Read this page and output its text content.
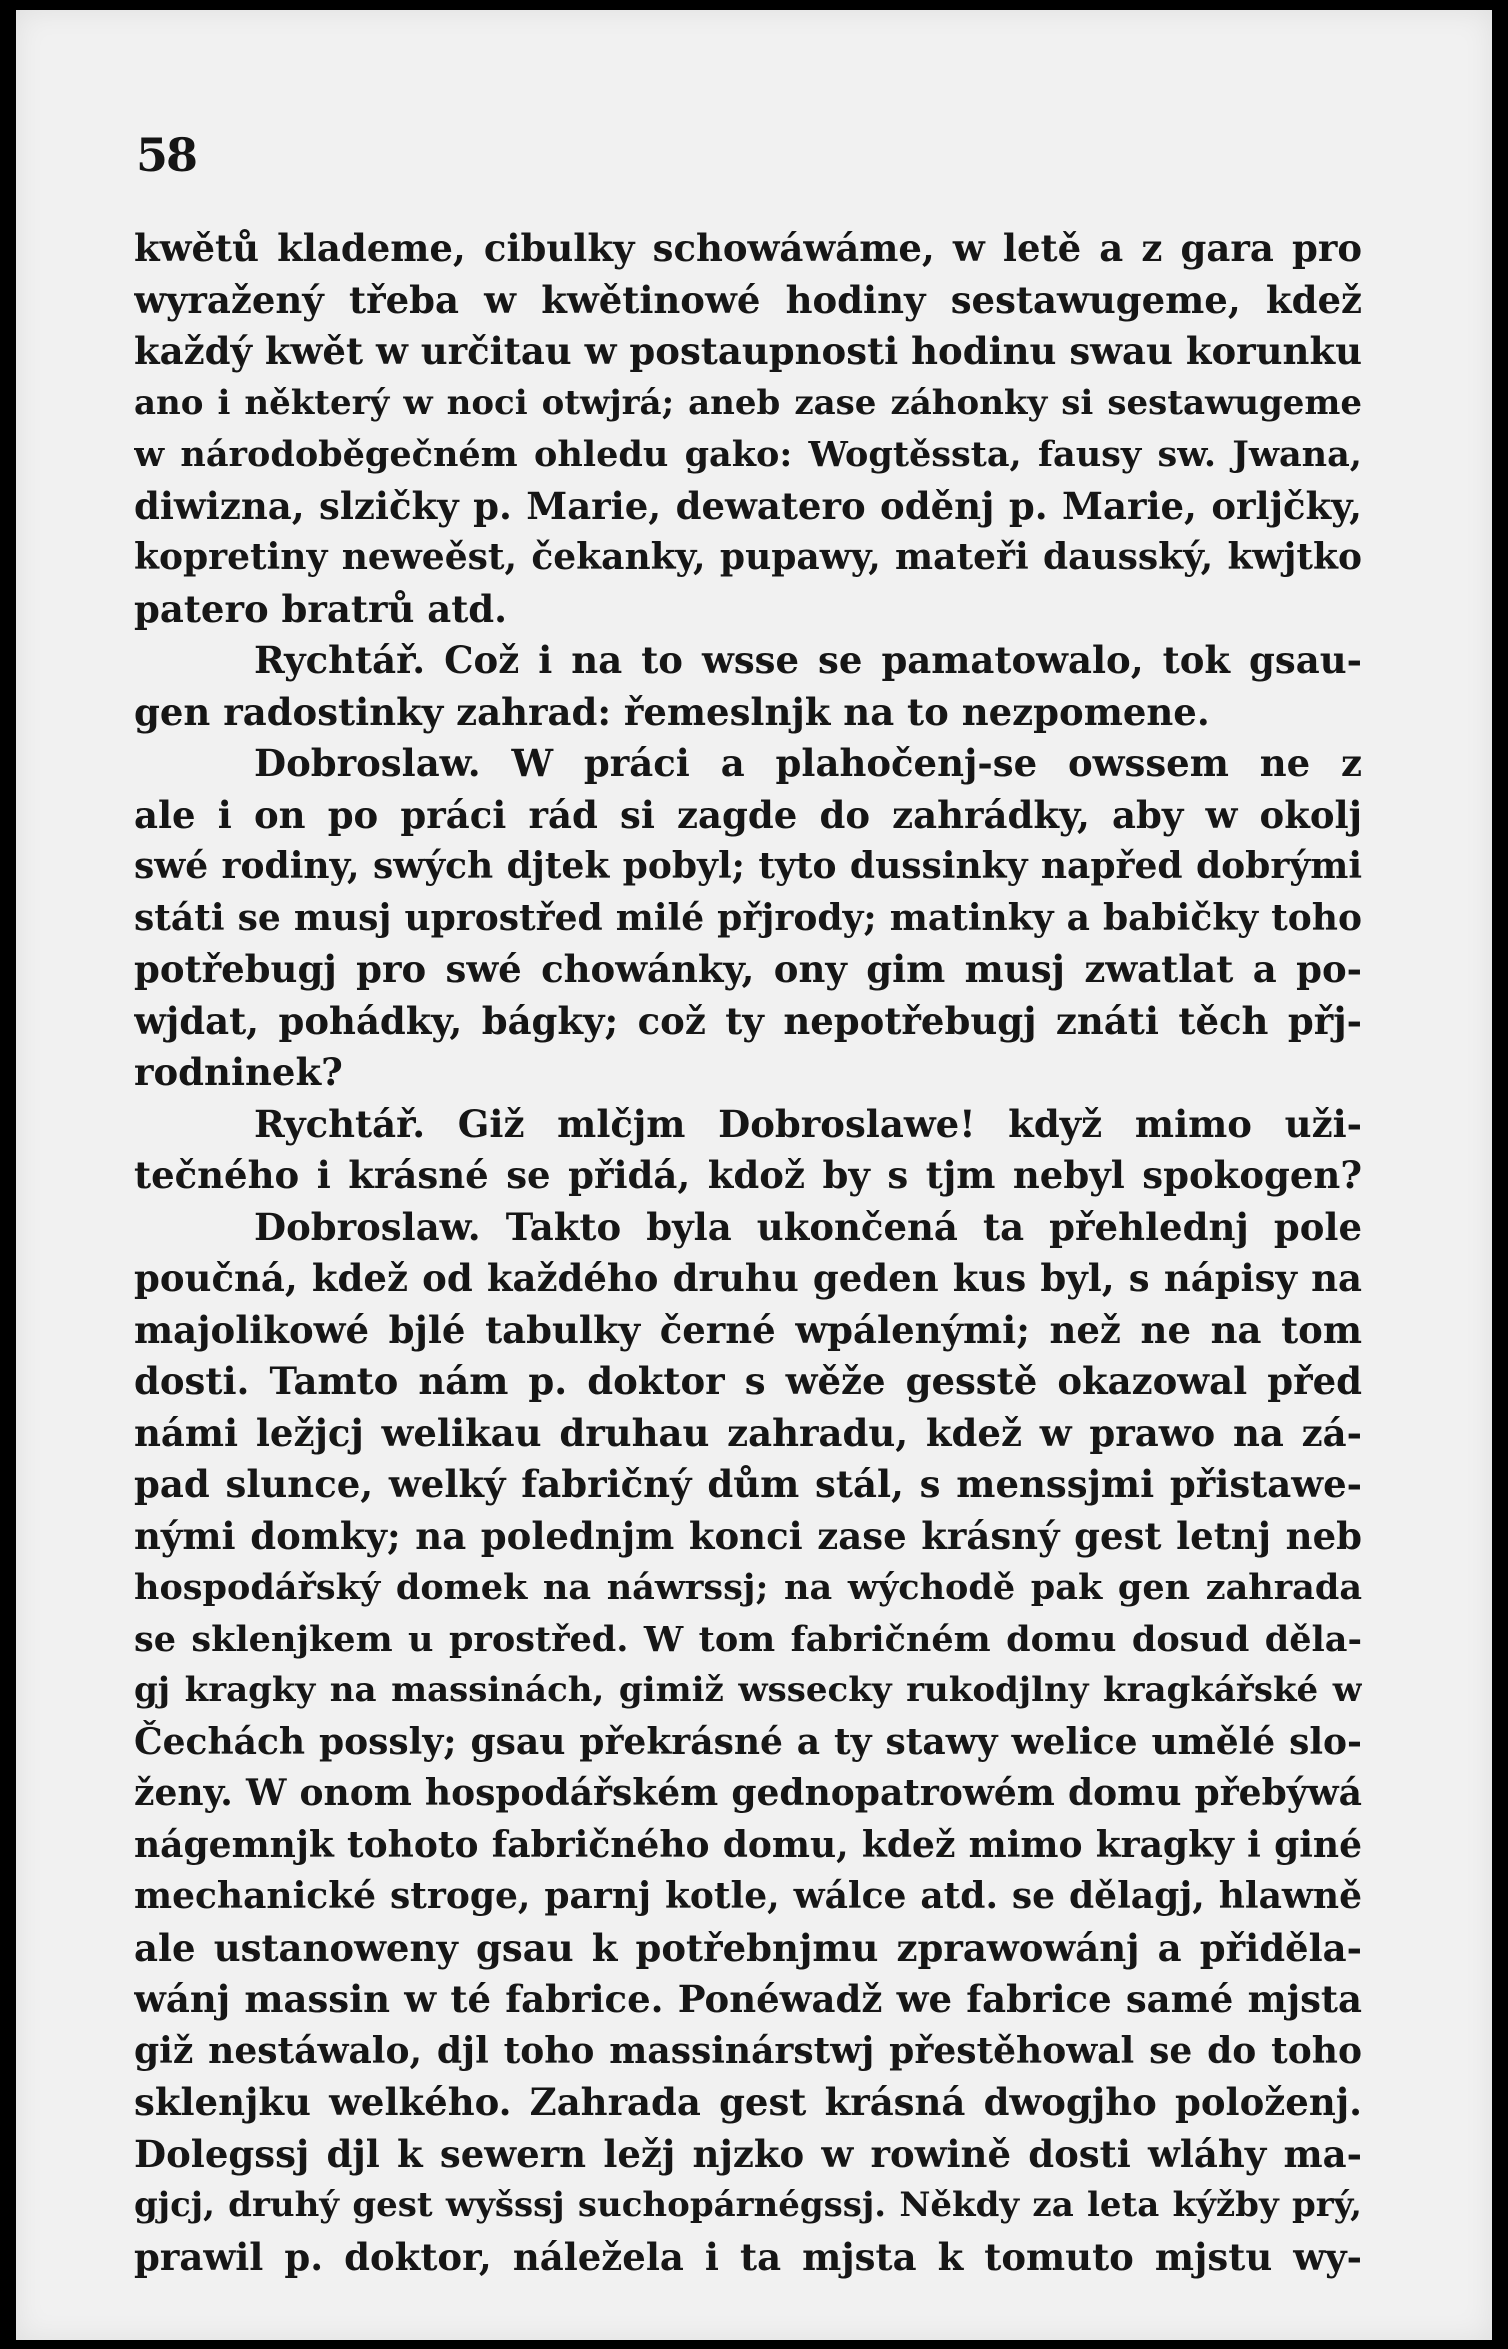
58
kwětů klademe, cibulky schowáwáme, w letě a z gara pro
wyražený třeba w kwětinowé hodiny sestawugeme, kdež
každý kwět w určitau w postaupnosti hodinu swau korunku
ano i některý w noci otwjrá; aneb zase záhonky si sestawugeme
w národoběgečném ohledu gako: Wogtěssta, fausy sw. Jwana,
diwizna, slzičky p. Marie, dewatero oděnj p. Marie, orljčky,
kopretiny neweěst, čekanky, pupawy, mateři dausský, kwjtko
patero bratrů atd.
Rychtář. Což i na to wsse se pamatowalo, tok gsau-
gen radostinky zahrad: řemeslnjk na to nezpomene.
Dobroslaw. W práci a plahočenj-se owssem ne z
ale i on po práci rád si zagde do zahrádky, aby w okolj
swé rodiny, swých djtek pobyl; tyto dussinky napřed dobrými
státi se musj uprostřed milé přjrody; matinky a babičky toho
potřebugj pro swé chowánky, ony gim musj zwatlat a po-
wjdat, pohádky, bágky; což ty nepotřebugj znáti těch přj-
rodninek?
Rychtář. Giž mlčjm Dobroslawe! když mimo uži-
tečného i krásné se přidá, kdož by s tjm nebyl spokogen?
Dobroslaw. Takto byla ukončená ta přehlednj pole
poučná, kdež od každého druhu geden kus byl, s nápisy na
majolikowé bjlé tabulky černé wpálenými; než ne na tom
dosti. Tamto nám p. doktor s wěže gesstě okazowal před
námi ležjcj welikau druhau zahradu, kdež w prawo na zá-
pad slunce, welký fabričný dům stál, s menssjmi přistawe-
nými domky; na polednjm konci zase krásný gest letnj neb
hospodářský domek na náwrssj; na wýchodě pak gen zahrada
se sklenjkem u prostřed. W tom fabričném domu dosud děla-
gj kragky na massinách, gimiž wssecky rukodjlny kragkářské w
Čechách possly; gsau překrásné a ty stawy welice umělé slo-
ženy. W onom hospodářském gednopatrowém domu přebýwá
nágemnjk tohoto fabričného domu, kdež mimo kragky i giné
mechanické stroge, parnj kotle, wálce atd. se dělagj, hlawně
ale ustanoweny gsau k potřebnjmu zprawowánj a přiděla-
wánj massin w té fabrice. Ponéwadž we fabrice samé mjsta
giž nestáwalo, djl toho massinárstwj přestěhowal se do toho
sklenjku welkého. Zahrada gest krásná dwogjho položenj.
Dolegssj djl k sewern ležj njzko w rowině dosti wláhy ma-
gjcj, druhý gest wyšssj suchopárnégssj. Někdy za leta kýžby prý,
prawil p. doktor, náležela i ta mjsta k tomuto mjstu wy-
